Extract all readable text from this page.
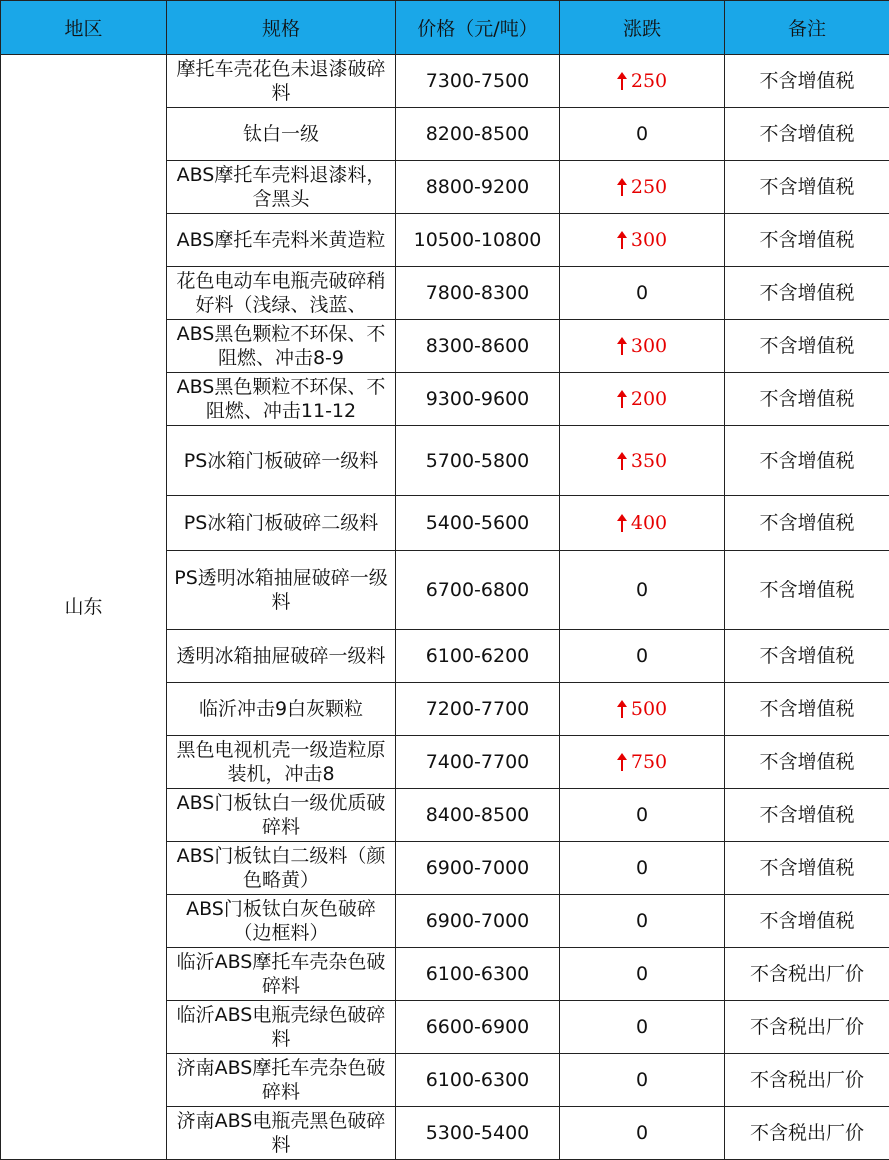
地区	规格	价格（元/吨）	涨跌	备注
山东	摩托车壳花色未退漆破碎料	7300-7500	250	不含增值税

	钛白一级	8200-8500	0	不含增值税

	ABS摩托车壳料退漆料，含黑头	8800-9200	250	不含增值税

	ABS摩托车壳料米黄造粒	10500-10800	300	不含增值税

	花色电动车电瓶壳破碎稍好料（浅绿、浅蓝、	7800-8300	0	不含增值税

	ABS黑色颗粒不环保、不阻燃、冲击8-9	8300-8600	300	不含增值税

	ABS黑色颗粒不环保、不阻燃、冲击11-12	9300-9600	200	不含增值税

	PS冰箱门板破碎一级料	5700-5800	350	不含增值税

	PS冰箱门板破碎二级料	5400-5600	400	不含增值税

	PS透明冰箱抽屉破碎一级料	6700-6800	0	不含增值税

	透明冰箱抽屉破碎一级料	6100-6200	0	不含增值税

	临沂冲击9白灰颗粒	7200-7700	500	不含增值税

	黑色电视机壳一级造粒原装机，冲击8	7400-7700	750	不含增值税

	ABS门板钛白一级优质破碎料	8400-8500	0	不含增值税

	ABS门板钛白二级料（颜色略黄）	6900-7000	0	不含增值税

	ABS门板钛白灰色破碎（边框料）	6900-7000	0	不含增值税

	临沂ABS摩托车壳杂色破碎料	6100-6300	0	不含税出厂价

	临沂ABS电瓶壳绿色破碎料	6600-6900	0	不含税出厂价

	济南ABS摩托车壳杂色破碎料	6100-6300	0	不含税出厂价

	济南ABS电瓶壳黑色破碎料	5300-5400	0	不含税出厂价
